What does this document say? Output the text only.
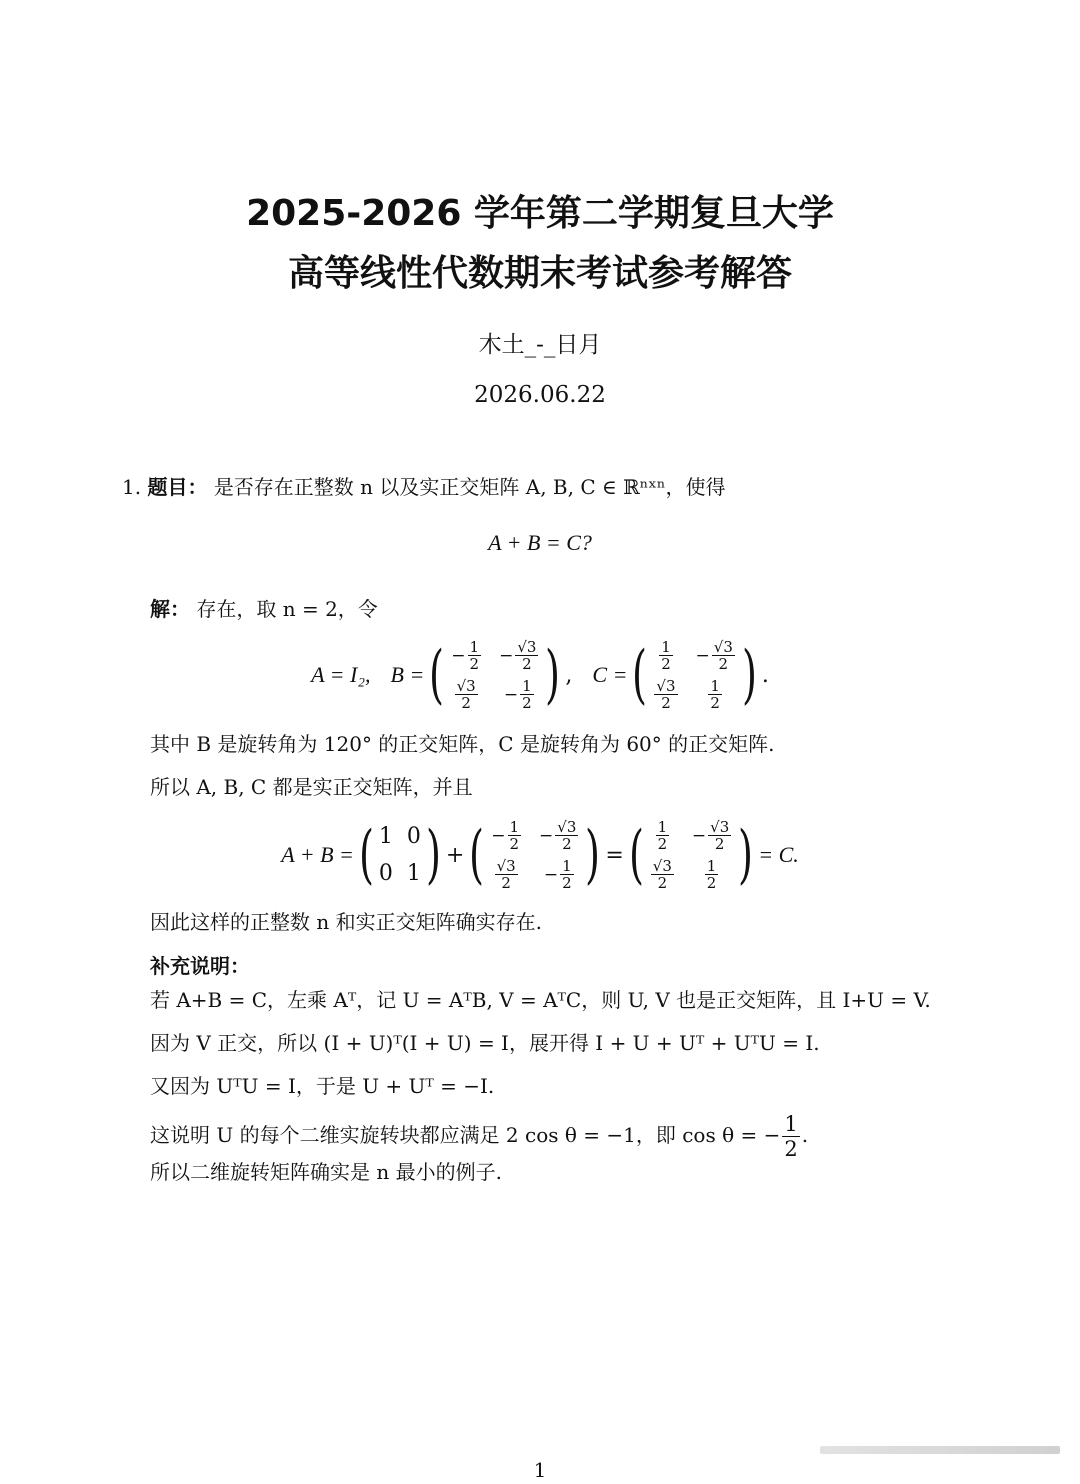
2025-2026 学年第二学期复旦大学
高等线性代数期末考试参考解答
木土_-_日月
2026.06.22
1. 题目： 是否存在正整数 n 以及实正交矩阵 A, B, C ∈ ℝⁿˣⁿ，使得
A + B = C?
解： 存在，取 n = 2，令
A = I₂, B = ( − $\frac{1}{2} - \frac{√3}{2}$
√3
$2 - \frac{1}{2}$ ) , C = ( 1
$2 - \frac{√3}{2}$
√3
2
1
2 ) .
其中 B 是旋转角为 120° 的正交矩阵，C 是旋转角为 60° 的正交矩阵.
所以 A, B, C 都是实正交矩阵，并且
A + B = ( 1 0
0 1 ) + ( − $\frac{1}{2} - \frac{√3}{2}$
√3
$2 - \frac{1}{2}$ ) = ( 1
$2 - \frac{√3}{2}$
√3
2
1
2 ) = C.
因此这样的正整数 n 和实正交矩阵确实存在.
补充说明：
若 A+B = C，左乘 Aᵀ，记 U = AᵀB, V = AᵀC，则 U, V 也是正交矩阵，且 I+U = V.
因为 V 正交，所以 (I + U)ᵀ(I + U) = I，展开得 I + U + Uᵀ + UᵀU = I.
又因为 UᵀU = I，于是 U + Uᵀ = −I.
这说明 U 的每个二维实旋转块都应满足 2 cos θ = −1，即 cos θ = − $\frac{1}{2}$ .
所以二维旋转矩阵确实是 n 最小的例子.
1
